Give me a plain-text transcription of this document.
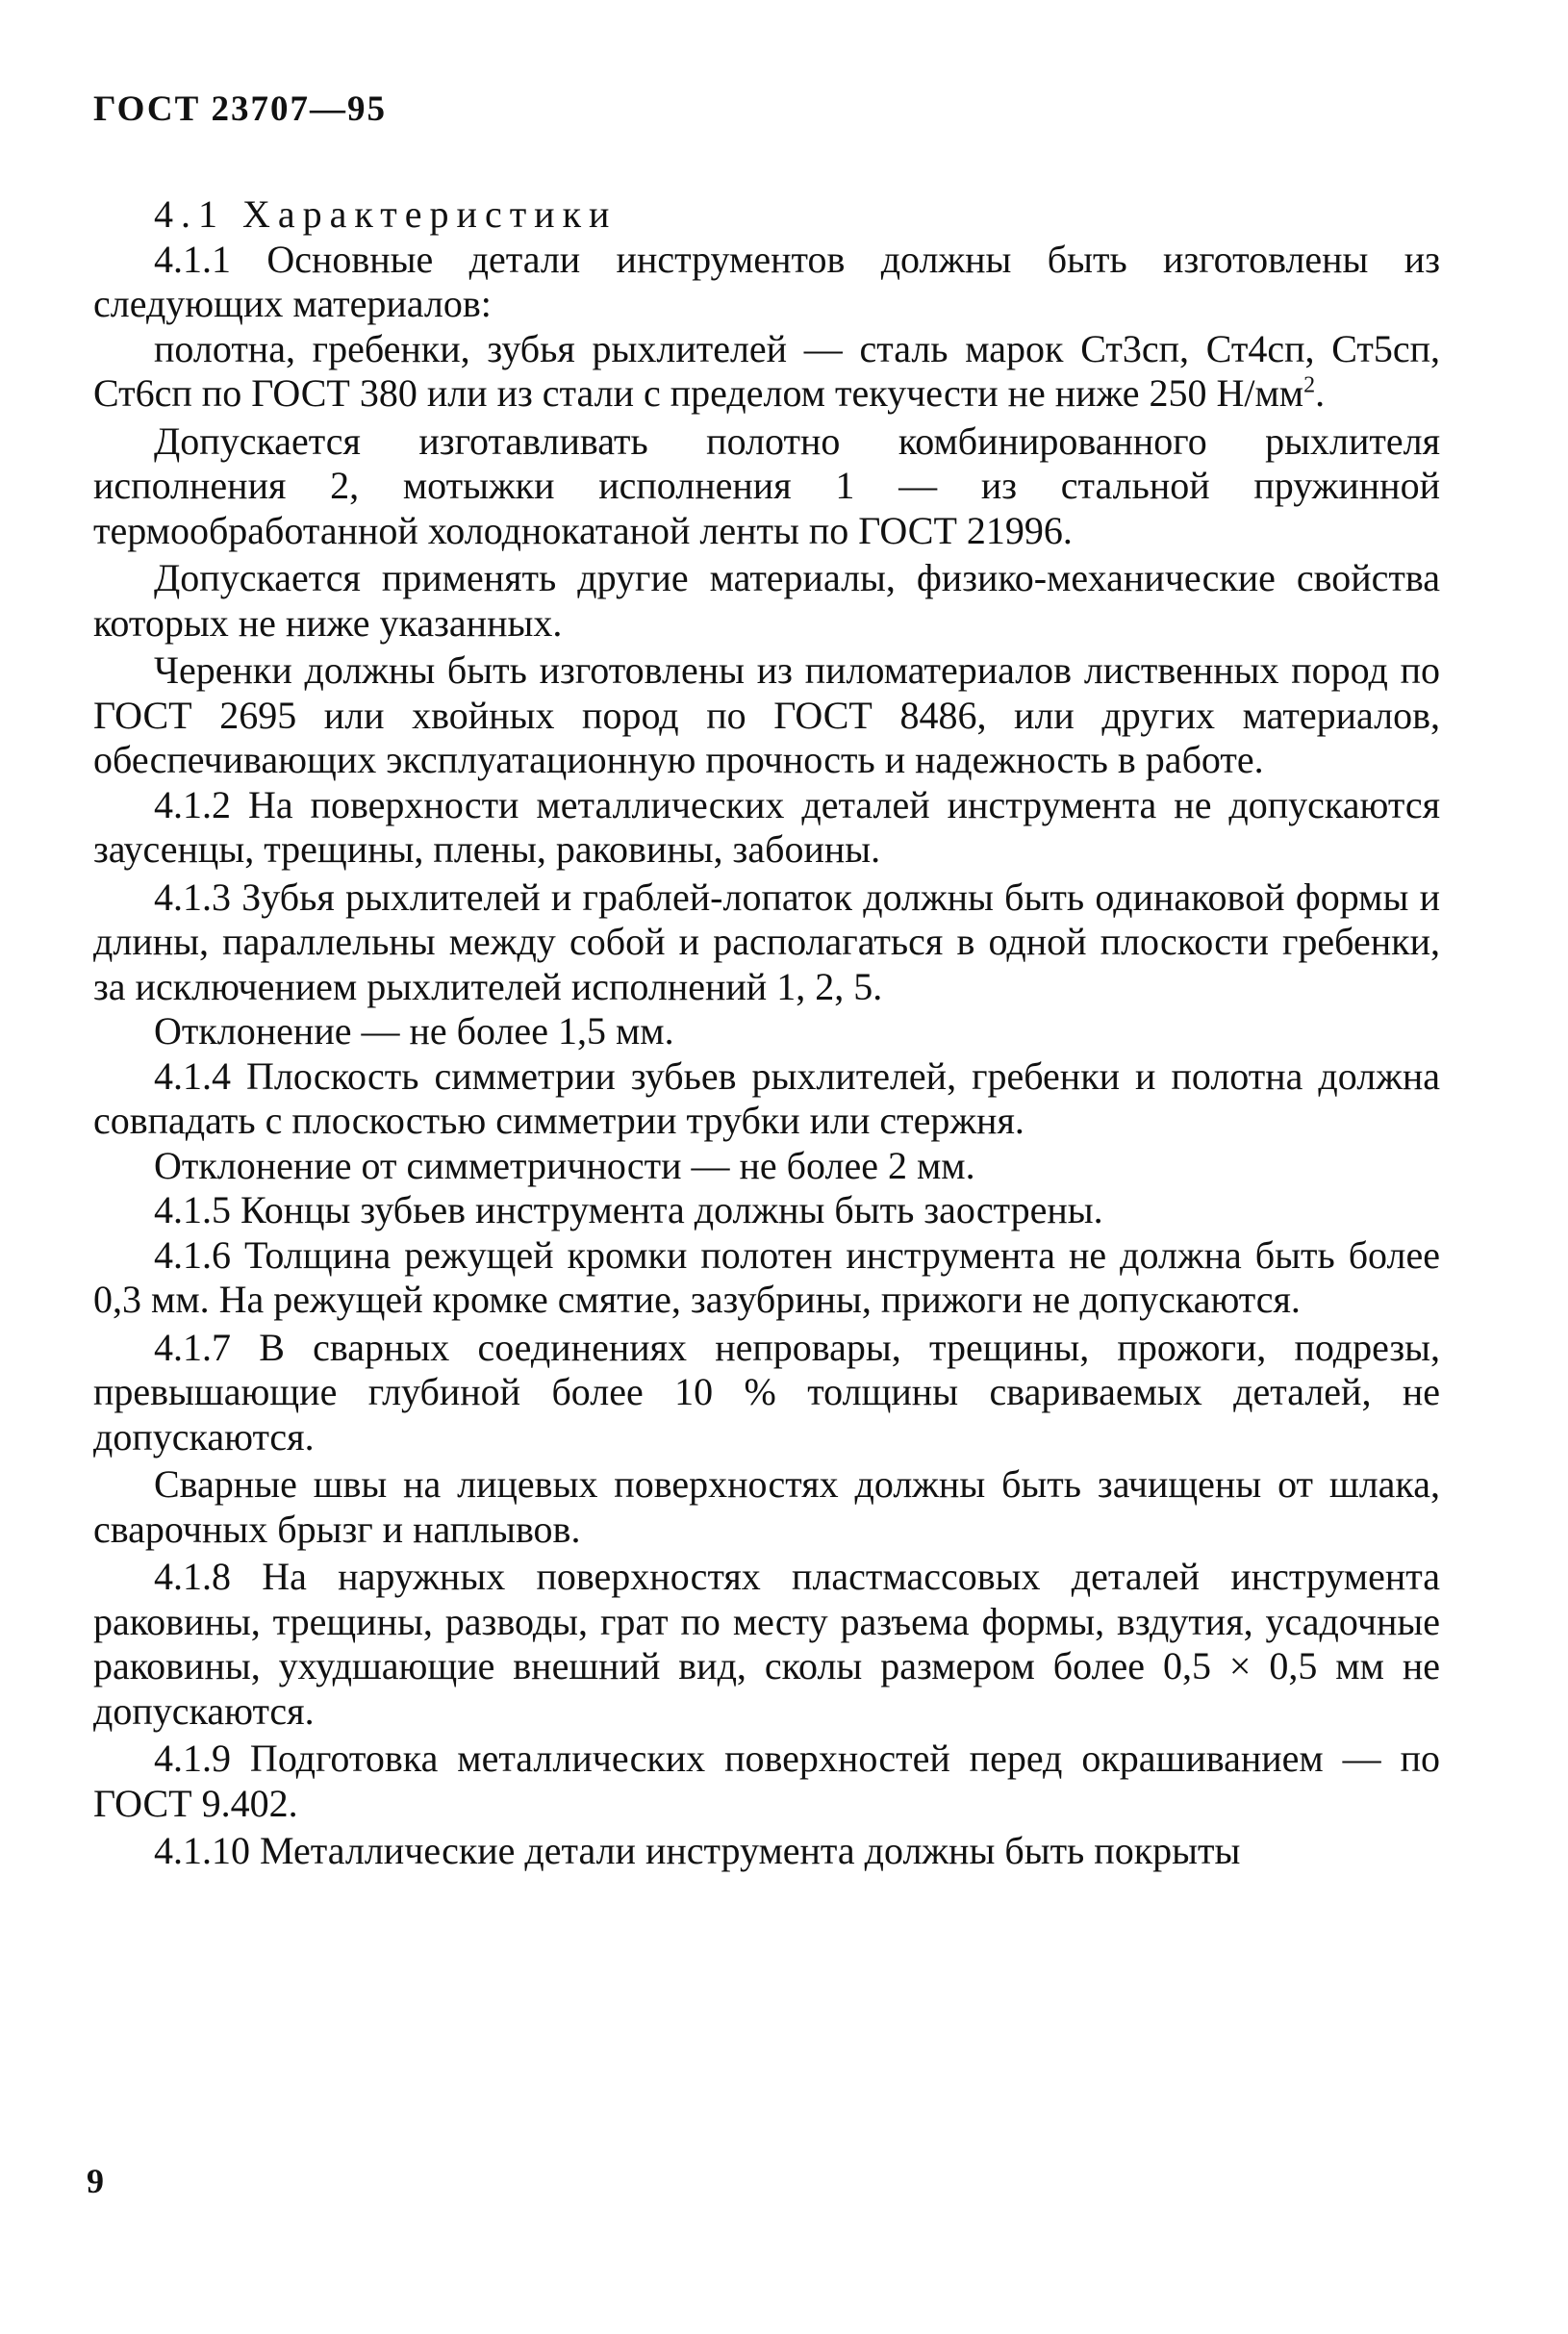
ГОСТ 23707—95

4.1 Характеристики

4.1.1 Основные детали инструментов должны быть изготовлены из следующих материалов:

полотна, гребенки, зубья рыхлителей — сталь марок Ст3сп, Ст4сп, Ст5сп, Ст6сп по ГОСТ 380 или из стали с пределом текучести не ниже 250 $Н/мм^2$.

Допускается изготавливать полотно комбинированного рыхлителя исполнения 2, мотыжки исполнения 1 — из стальной пружинной термообработанной холоднокатаной ленты по ГОСТ 21996.

Допускается применять другие материалы, физико-механические свойства которых не ниже указанных.

Черенки должны быть изготовлены из пиломатериалов лиственных пород по ГОСТ 2695 или хвойных пород по ГОСТ 8486, или других материалов, обеспечивающих эксплуатационную прочность и надежность в работе.

4.1.2 На поверхности металлических деталей инструмента не допускаются заусенцы, трещины, плены, раковины, забоины.

4.1.3 Зубья рыхлителей и граблей-лопаток должны быть одинаковой формы и длины, параллельны между собой и располагаться в одной плоскости гребенки, за исключением рыхлителей исполнений 1, 2, 5.

Отклонение — не более 1,5 мм.

4.1.4 Плоскость симметрии зубьев рыхлителей, гребенки и полотна должна совпадать с плоскостью симметрии трубки или стержня.

Отклонение от симметричности — не более 2 мм.

4.1.5 Концы зубьев инструмента должны быть заострены.

4.1.6 Толщина режущей кромки полотен инструмента не должна быть более 0,3 мм. На режущей кромке смятие, зазубрины, прижоги не допускаются.

4.1.7 В сварных соединениях непровары, трещины, прожоги, подрезы, превышающие глубиной более 10 % толщины свариваемых деталей, не допускаются.

Сварные швы на лицевых поверхностях должны быть зачищены от шлака, сварочных брызг и наплывов.

4.1.8 На наружных поверхностях пластмассовых деталей инструмента раковины, трещины, разводы, грат по месту разъема формы, вздутия, усадочные раковины, ухудшающие внешний вид, сколы размером более 0,5 × 0,5 мм не допускаются.

4.1.9 Подготовка металлических поверхностей перед окрашиванием — по ГОСТ 9.402.

4.1.10 Металлические детали инструмента должны быть покрыты

9
